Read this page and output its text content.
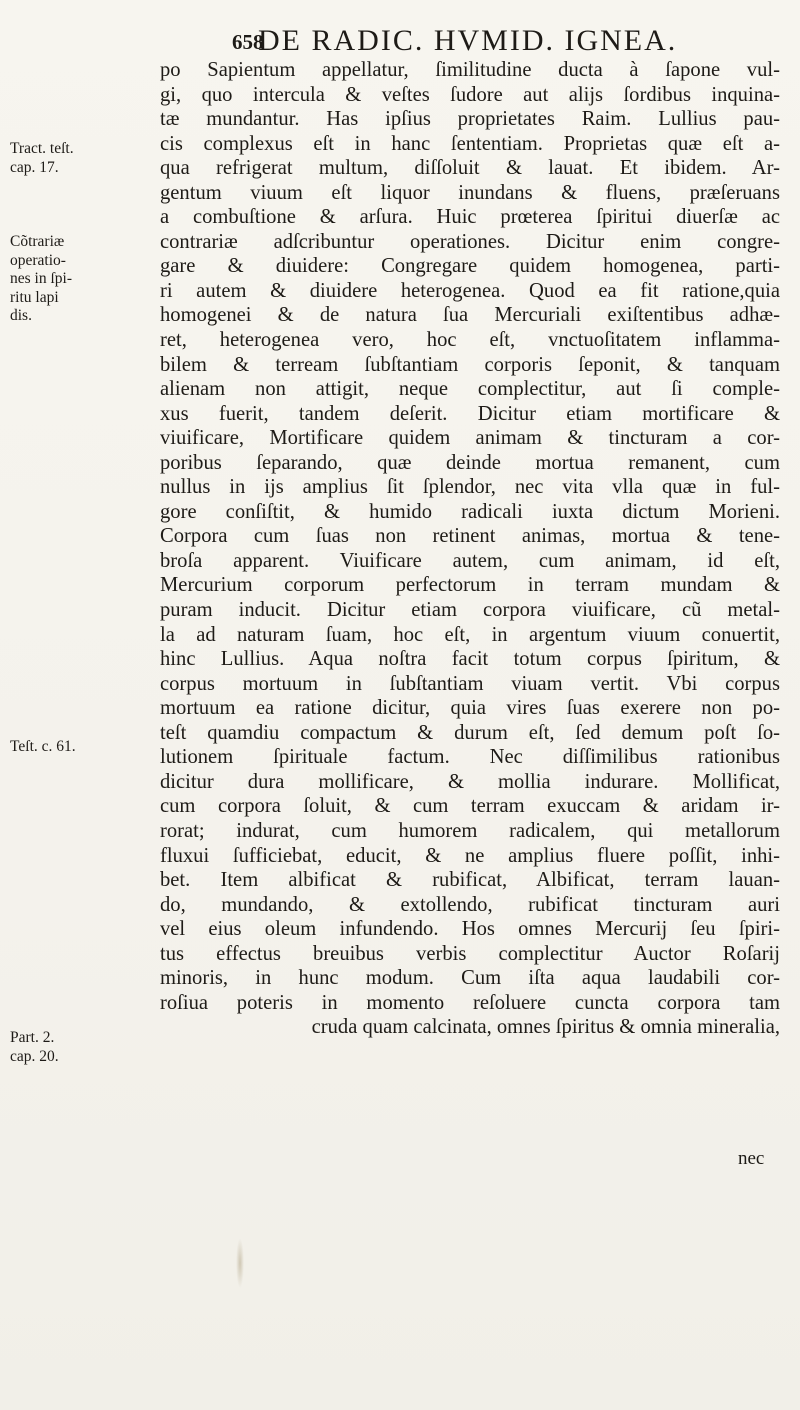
658
DE RADIC. HVMID. IGNEA.
Tract. teſt.
cap. 17.
Cõtrariæ
operatio-
nes in ſpi-
ritu lapi
dis.
Teſt. c. 61.
Part. 2.
cap. 20.
po Sapientum appellatur, ſimilitudine ducta à ſapone vul-
gi, quo intercula & veſtes ſudore aut alijs ſordibus inquina-
tæ mundantur. Has ipſius proprietates Raim. Lullius pau-
cis complexus eſt in hanc ſententiam. Proprietas quæ eſt a-
qua refrigerat multum, diſſoluit & lauat. Et ibidem. Ar-
gentum viuum eſt liquor inundans & fluens, præſeruans
a combuſtione & arſura. Huic prœterea ſpiritui diuerſæ ac
contrariæ adſcribuntur operationes. Dicitur enim congre-
gare & diuidere: Congregare quidem homogenea, parti-
ri autem & diuidere heterogenea. Quod ea fit ratione,quia
homogenei & de natura ſua Mercuriali exiſtentibus adhæ-
ret, heterogenea vero, hoc eſt, vnctuoſitatem inflamma-
bilem & terream ſubſtantiam corporis ſeponit, & tanquam
alienam non attigit, neque complectitur, aut ſi comple-
xus fuerit, tandem deſerit. Dicitur etiam mortificare &
viuificare, Mortificare quidem animam & tincturam a cor-
poribus ſeparando, quæ deinde mortua remanent, cum
nullus in ijs amplius ſit ſplendor, nec vita vlla quæ in ful-
gore conſiſtit, & humido radicali iuxta dictum Morieni.
Corpora cum ſuas non retinent animas, mortua & tene-
broſa apparent. Viuificare autem, cum animam, id eſt,
Mercurium corporum perfectorum in terram mundam &
puram inducit. Dicitur etiam corpora viuificare, cũ metal-
la ad naturam ſuam, hoc eſt, in argentum viuum conuertit,
hinc Lullius. Aqua noſtra facit totum corpus ſpiritum, &
corpus mortuum in ſubſtantiam viuam vertit. Vbi corpus
mortuum ea ratione dicitur, quia vires ſuas exerere non po-
teſt quamdiu compactum & durum eſt, ſed demum poſt ſo-
lutionem ſpirituale factum. Nec diſſimilibus rationibus
dicitur dura mollificare, & mollia indurare. Mollificat,
cum corpora ſoluit, & cum terram exuccam & aridam ir-
rorat; indurat, cum humorem radicalem, qui metallorum
fluxui ſufficiebat, educit, & ne amplius fluere poſſit, inhi-
bet. Item albificat & rubificat, Albificat, terram lauan-
do, mundando, & extollendo, rubificat tincturam auri
vel eius oleum infundendo. Hos omnes Mercurij ſeu ſpiri-
tus effectus breuibus verbis complectitur Auctor Roſarij
minoris, in hunc modum. Cum iſta aqua laudabili cor-
roſiua poteris in momento reſoluere cuncta corpora tam
cruda quam calcinata, omnes ſpiritus & omnia mineralia,
nec
